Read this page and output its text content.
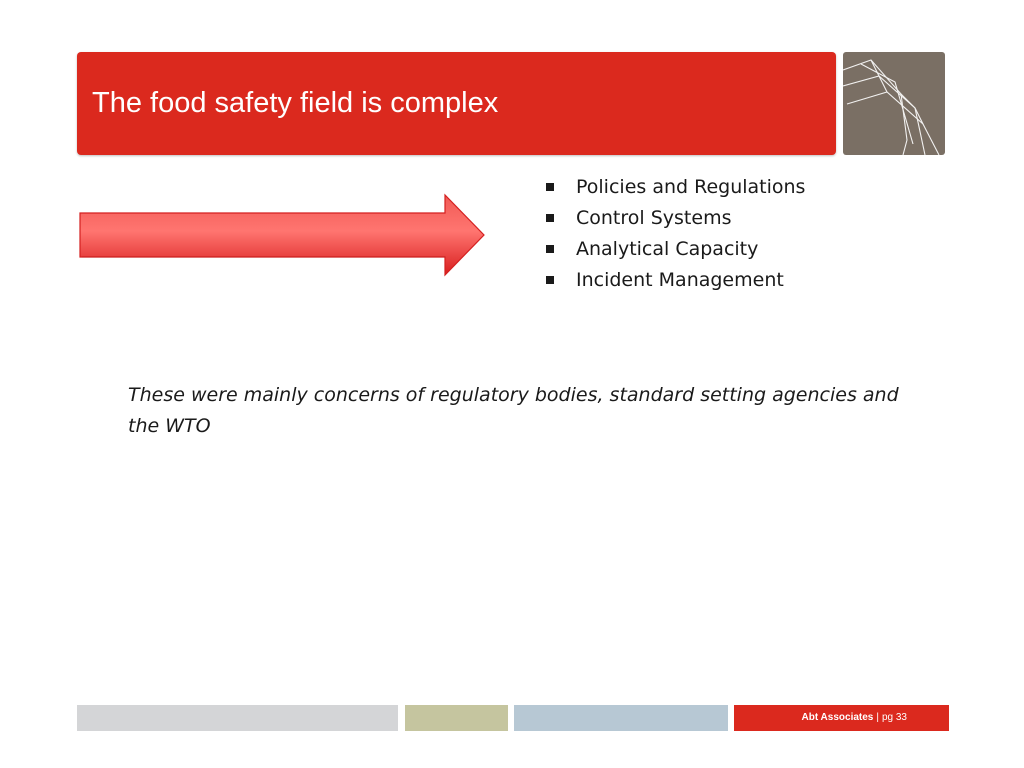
The food safety field is complex
Policies and Regulations
Control Systems
Analytical Capacity
Incident Management
These were mainly concerns of regulatory bodies, standard setting agencies and the WTO
Abt Associates | pg 33
